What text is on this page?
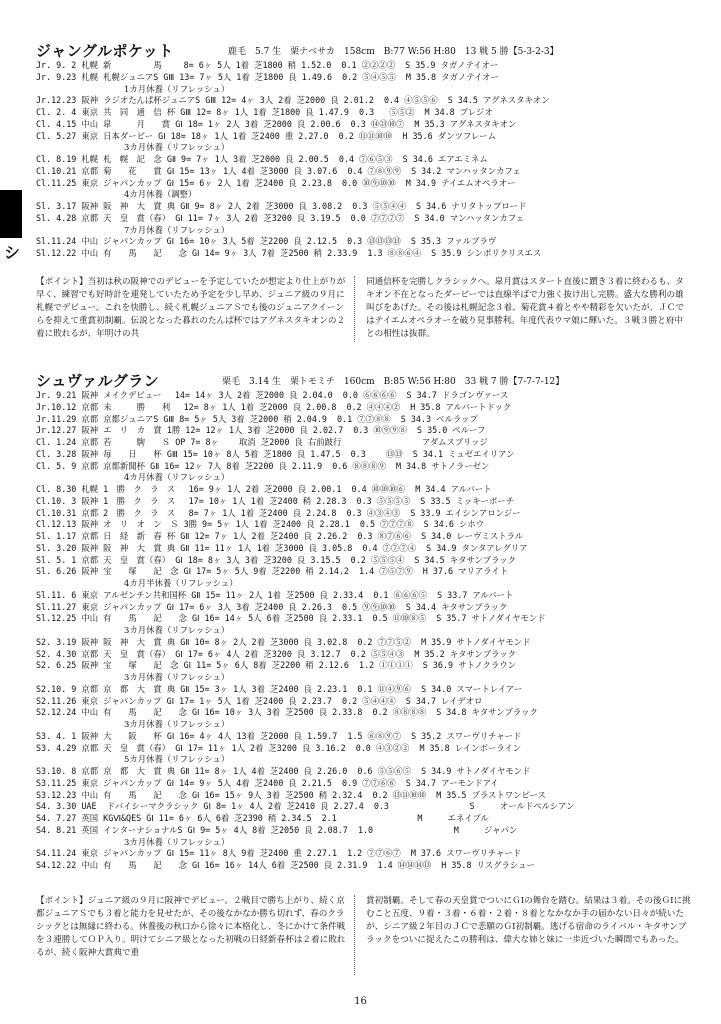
シ
ジャングルポケット	鹿毛　5.7 生　栗ナベサカ　158cm　B:77 W:56 H:80　13 戦 5 勝【5-3-2-3】
Jr. 9. 2 札幌 新　　　　　馬　　 8= 6ヶ 5人 1着 芝1800 稍 1.52.0  0.1 ②②②②  S 35.9 タガノテイオー
Jr. 9.23 札幌 札幌ジュニアS GⅢ 13= 7ヶ 5人 1着 芝1800 良 1.49.6  0.2 ⑤④⑤⑤  M 35.8 タガノテイオー
1カ月休養（リフレッシュ）
Jr.12.23 阪神 ラジオたんぱ杯ジュニアS GⅢ 12= 4ヶ 3人 2着 芝2000 良 2.01.2  0.4 ④⑤⑤⑥  S 34.5 アグネスタキオン
Cl. 2. 4 東京 共　同　通　信 杯 GⅢ 12= 8ヶ 1人 1着 芝1800 良 1.47.9  0.3   ⑤⑤②  M 34.8 プレジオ
Cl. 4.15 中山 皐　　　月　　賞 GⅠ 18= 1ヶ 2人 3着 芝2000 良 2.00.6  0.3 ⑭⑬⑩⑦  M 35.3 アグネスタキオン
Cl. 5.27 東京 日本ダービー GⅠ 18= 18ヶ 1人 1着 芝2400 重 2.27.0  0.2 ⑪⑪⑩⑩  H 35.6 ダンツフレーム
3カ月休養（リフレッシュ）
Cl. 8.19 札幌 札　幌　記　念 GⅡ 9= 7ヶ 1人 3着 芝2000 良 2.00.5  0.4 ⑦⑥⑤③  S 34.6 エアエミネム
Cl.10.21 京都 菊　　花　　賞 GⅠ 15= 13ヶ 1人 4着 芝3000 良 3.07.6  0.4 ⑦⑧⑨⑨  S 34.2 マンハッタンカフェ
Cl.11.25 東京 ジャパンカップ GⅠ 15= 6ヶ 2人 1着 芝2400 良 2.23.8  0.0 ⑩⑨⑩⑩  M 34.9 テイエムオペラオー
4カ月休養（調整）
Sl. 3.17 阪神 阪　神　大　賞 典 GⅡ 9= 8ヶ 2人 2着 芝3000 良 3.08.2  0.3 ⑤⑤④④  S 34.6 ナリタトップロード
Sl. 4.28 京都 天　皇　賞（春） GⅠ 11= 7ヶ 3人 2着 芝3200 良 3.19.5  0.0 ⑦⑦⑦⑦  S 34.0 マンハッタンカフェ
7カ月休養（リフレッシュ）
Sl.11.24 中山 ジャパンカップ GⅠ 16= 10ヶ 3人 5着 芝2200 良 2.12.5  0.3 ⑬⑬⑬⑬  S 35.3 ファルブラヴ
Sl.12.22 中山 有　　馬　　記　　念 GⅠ 14= 9ヶ 3人 7着 芝2500 稍 2.33.9  1.3 ⑧⑧⑥④  S 35.9 シンボリクリスエス
【ポイント】当初は秋の阪神でのデビューを予定していたが想定より仕上がりが早く、練習でも好時計を連発していたため予定を少し早め、ジュニア級の９月に札幌でデビュー。これを快勝し、続く札幌ジュニアＳでも後のジュニアクイーンらを抑えて重賞初制覇。伝説となった暮れのたんぱ杯ではアグネスタキオンの２着に敗れるが、年明けの共
同通信杯を完勝しクラシックへ。皐月賞はスタート直後に躓き３着に終わるも、タキオン不在となったダービーでは直線半ばで力強く抜け出し完勝。盛大な勝利の雄叫びをあげた。その後は札幌記念３着、菊花賞４着とやや精彩を欠いたが、ＪＣではテイエムオペラオーを破り見事勝利。年度代表ウマ娘に輝いた。３戦３勝と府中との相性は抜群。
シュヴァルグラン	栗毛　3.14 生　栗トモミチ　160cm　B:85 W:56 H:80　33 戦 7 勝【7-7-7-12】
Jr. 9.21 阪神 メイクデビュー　 14= 14ヶ 3人 2着 芝2000 良 2.04.0  0.0 ⑥⑥⑥⑥  S 34.7 ドラゴンヴァース
Jr.10.12 京都 未　　　勝　　利　 12= 8ヶ 1人 1着 芝2000 良 2.00.8  0.2 ④④④②  H 35.8 アルバートドック
Jr.11.29 京都 京都ジュニアS GⅢ 8= 5ヶ 5人 3着 芝2000 稍 2.04.9  0.1 ⑦⑦⑧⑧  S 34.3 ベルラップ
Jr.12.27 阪神 エ　リ　カ　賞 1勝 12= 12ヶ 1人 3着 芝2000 良 2.02.7  0.3 ⑩⑨⑨⑧  S 35.0 ベルーフ
Cl. 1.24 京都 若　　　駒　　Ｓ OP 7= 8ヶ    取消 芝2000 良 右前跛行                アダムスブリッジ
Cl. 3.28 阪神 毎　　日　　杯 GⅢ 15= 10ヶ 8人 5着 芝1800 良 1.47.5  0.3    ⑬⑬  S 34.1 ミュゼエイリアン
Cl. 5. 9 京都 京都新聞杯 GⅡ 16= 12ヶ 7人 8着 芝2200 良 2.11.9  0.6 ⑧⑧⑧⑨  M 34.8 サトノラーゼン
4カ月休養（リフレッシュ）
Cl. 8.30 札幌 1　勝　ク　ラ　ス　 16= 9ヶ 1人 2着 芝2000 良 2.00.1  0.4 ⑩⑩⑩⑥  M 34.4 アルバート
Cl.10. 3 阪神 1　勝　ク　ラ　ス　 17= 10ヶ 1人 1着 芝2400 稍 2.28.3  0.3 ⑤⑤⑤⑤  S 33.5 ミッキーポーチ
Cl.10.31 京都 2　勝　ク　ラ　ス　 8= 7ヶ 1人 1着 芝2400 良 2.24.8  0.3 ④③④③  S 33.9 エイシンアロンジー
Cl.12.13 阪神 オ　リ　オ　ン　Ｓ 3勝 9= 5ヶ 1人 1着 芝2400 良 2.28.1  0.5 ⑦⑦⑦⑧  S 34.6 シホウ
Sl. 1.17 京都 日　経　新　春 杯 GⅡ 12= 7ヶ 1人 2着 芝2400 良 2.26.2  0.3 ⑧⑦⑥⑥  S 34.0 レーヴミストラル
Sl. 3.20 阪神 阪　神　大　賞 典 GⅡ 11= 11ヶ 1人 1着 芝3000 良 3.05.8  0.4 ⑦⑦⑦④  S 34.9 タンタアレグリア
Sl. 5. 1 京都 天　皇　賞（春） GⅠ 18= 8ヶ 3人 3着 芝3200 良 3.15.5  0.2 ⑤⑤⑤④  S 34.5 キタサンブラック
Sl. 6.26 阪神 宝　　塚　　記　念 GⅠ 17= 5ヶ 5人 9着 芝2200 稍 2.14.2  1.4 ⑦⑤⑦⑨  H 37.6 マリアライト
4カ月半休養（リフレッシュ）
Sl.11. 6 東京 アルゼンチン共和国杯 GⅡ 15= 11ヶ 2人 1着 芝2500 良 2.33.4  0.1 ⑥⑥⑥⑤  S 33.7 アルバート
Sl.11.27 東京 ジャパンカップ GⅠ 17= 6ヶ 3人 3着 芝2400 良 2.26.3  0.5 ⑨⑨⑩⑩  S 34.4 キタサンブラック
Sl.12.25 中山 有　　馬　　記　　念 GⅠ 16= 14ヶ 5人 6着 芝2500 良 2.33.1  0.5 ⑪⑩⑧⑤  S 35.7 サトノダイヤモンド
3カ月休養（リフレッシュ）
S2. 3.19 阪神 阪　神　大　賞 典 GⅡ 10= 8ヶ 2人 2着 芝3000 良 3.02.8  0.2 ⑦⑦⑤②  M 35.9 サトノダイヤモンド
S2. 4.30 京都 天　皇　賞（春） GⅠ 17= 6ヶ 4人 2着 芝3200 良 3.12.7  0.2 ⑤⑤④③  M 35.2 キタサンブラック
S2. 6.25 阪神 宝　　塚　　記　念 GⅠ 11= 5ヶ 6人 8着 芝2200 稍 2.12.6  1.2 ①①①①  S 36.9 サトノクラウン
3カ月休養（リフレッシュ）
S2.10. 9 京都 京　都　大　賞 典 GⅡ 15= 3ヶ 1人 3着 芝2400 良 2.23.1  0.1 ⑪④⑨⑥  S 34.0 スマートレイアー
S2.11.26 東京 ジャパンカップ GⅠ 17= 1ヶ 5人 1着 芝2400 良 2.23.7  0.2 ⑤④④④  S 34.7 レイデオロ
S2.12.24 中山 有　　馬　　記　　念 GⅠ 16= 10ヶ 3人 3着 芝2500 良 2.33.8  0.2 ⑧⑧⑧⑧  S 34.8 キタサンブラック
3カ月休養（リフレッシュ）
S3. 4. 1 阪神 大　　阪　　杯 GⅠ 16= 4ヶ 4人 13着 芝2000 良 1.59.7  1.5 ⑥⑧⑨⑦  S 35.2 スワーヴリチャード
S3. 4.29 京都 天　皇　賞（春） GⅠ 17= 11ヶ 1人 2着 芝3200 良 3.16.2  0.0 ④③②②  M 35.8 レインボーライン
5カ月休養（リフレッシュ）
S3.10. 8 京都 京　都　大　賞 典 GⅡ 11= 8ヶ 1人 4着 芝2400 良 2.26.0  0.6 ⑤⑤⑥⑤  S 34.9 サトノダイヤモンド
S3.11.25 東京 ジャパンカップ GⅠ 14= 9ヶ 5人 4着 芝2400 良 2.21.5  0.9 ⑦⑦⑥⑥  S 34.7 アーモンドアイ
S3.12.23 中山 有　　馬　　記　　念 GⅠ 16= 15ヶ 9人 3着 芝2500 稍 2.32.4  0.2 ⑬⑪⑩⑩  M 35.5 ブラストワンピース
S4. 3.30 UAE  ドバイシーマクラシック GⅠ 8= 1ヶ 4人 2着 芝2410 良 2.27.4  0.3                S     オールドペルシアン
S4. 7.27 英国 KGⅥ&QES GⅠ 11= 6ヶ 6人 6着 芝2390 稍 2.34.5  2.1                M     エネイブル
S4. 8.21 英国 インターナショナルS GⅠ 9= 5ヶ 4人 8着 芝2050 良 2.08.7  1.0                M     ジャパン
3カ月休養（リフレッシュ）
S4.11.24 東京 ジャパンカップ GⅠ 15= 11ヶ 8人 9着 芝2400 重 2.27.1  1.2 ⑦⑦⑥⑦  M 37.6 スワーヴリチャード
S4.12.22 中山 有　　馬　　記　　念 GⅠ 16= 16ヶ 14人 6着 芝2500 良 2.31.9  1.4 ⑭⑭⑭⑬  H 35.8 リスグラシュー
【ポイント】ジュニア級の９月に阪神でデビュー。２戦目で勝ち上がり、続く京都ジュニアＳでも３着と能力を見せたが、その後なかなか勝ち切れず、春のクラシックとは無縁に終わる。休養後の秋口から徐々に本格化し、冬にかけて条件戦を３連勝してＯＰ入り。明けてシニア級となった初戦の日経新春杯は２着に敗れるが、続く阪神大賞典で重
賞初制覇。そして春の天皇賞でついにＧⅠの舞台を踏む。結果は３着。その後ＧⅠに挑むこと五度、９着・３着・６着・２着・８着となかなか手の届かない日々が続いたが、シニア級２年目のＪＣで悲願のＧⅠ初制覇。逃げる宿命のライバル・キタサンブラックをついに捉えたこの勝利は、偉大な姉と妹に一歩近づいた瞬間でもあった。
16
